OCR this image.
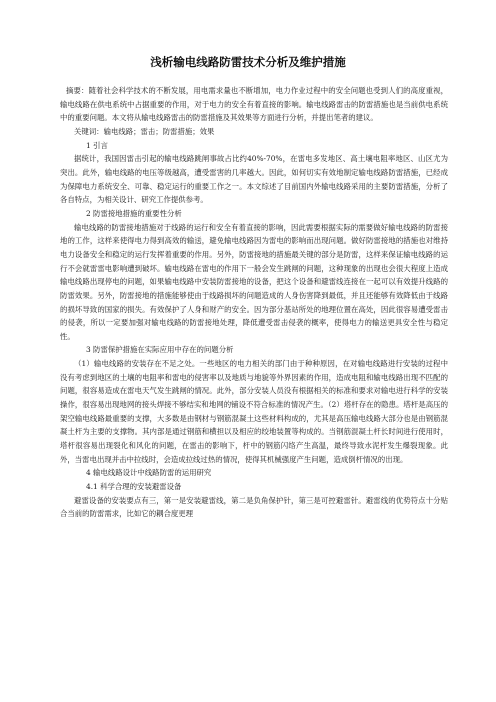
浅析输电线路防雷技术分析及维护措施

摘要：随着社会科学技术的不断发展，用电需求量也不断增加，电力作业过程中的安全问题也受到人们的高度重视，输电线路在供电系统中占据重要的作用，对于电力的安全有着直接的影响。输电线路雷击的防雷措施也是当前供电系统中的重要问题。本文将从输电线路雷击的防雷措施及其效果等方面进行分析，并提出笔者的建议。

关键词：输电线路；雷击；防雷措施；效果

1 引言

据统计，我国因雷击引起的输电线路跳闸事故占比约40%-70%，在雷电多发地区、高土壤电阻率地区、山区尤为突出。此外，输电线路的电压等级越高，遭受雷害的几率越大。因此，如何切实有效地制定输电线路防雷措施，已经成为保障电力系统安全、可靠、稳定运行的重要工作之一。本文综述了目前国内外输电线路采用的主要防雷措施，分析了各自特点，为相关设计、研究工作提供参考。

2 防雷接地措施的重要性分析

输电线路的防雷接地措施对于线路的运行和安全有着直接的影响，因此需要根据实际的需要做好输电线路的防雷接地的工作，这样来使得电力得到高效的输送，避免输电线路因为雷电的影响而出现问题。做好防雷接地的措施也对维持电力设备安全和稳定的运行发挥着重要的作用。另外，防雷接地的措施最关键的部分是防雷，这样来保证输电线路的运行不会就雷雷电影响遭到破坏。输电线路在雷电的作用下一般会发生跳闸的问题，这种现象的出现也会很大程度上造成输电线路出现停电的问题，如果输电线路中安装防雷接地的设备，把这个设备和避雷线连接在一起可以有效提升线路的防雷效果。另外，防雷接地的措施能够使由于线路损坏的问题造成的人身伤害降到最低，并且还能够有效降低由于线路的损坏导致的国家的损失。有效保护了人身和财产的安全。因为部分基站所处的地理位置在高处，因此很容易遭受雷击的侵袭，所以一定要加强对输电线路的防雷接地处理，降低遭受雷击侵袭的概率，使得电力的输送更具安全性与稳定性。

3 防雷保护措施在实际应用中存在的问题分析

（1）输电线路的安装存在不足之处。一些地区的电力相关的部门由于种种原因，在对输电线路进行安装的过程中没有考虑到地区的土壤的电阻率和雷电的侵害率以及地质与地貌等外界因素的作用，造成电阻和输电线路出现不匹配的问题，很容易造成在雷电天气发生跳闸的情况。此外，部分安装人员没有根据相关的标准和要求对输电进行科学的安装操作，很容易出现地网的接头焊接不够结实和地网的铺设不符合标准的情况产生。（2）塔杆存在的隐患。塔杆是高压的架空输电线路最重要的支撑，大多数是由钢材与钢筋混凝土这些材料构成的，尤其是高压输电线路大部分也是由钢筋混凝土杆为主要的支撑物。其内部是通过钢筋和横担以及相应的绞地装置等构成的。当钢筋混凝土杆长时间进行使用时，塔杆很容易出现裂化和风化的问题，在雷击的影响下，杆中的钢筋闪络产生高温，最终导致水泥杆发生爆裂现象。此外，当雷电出现并击中拉线时，会造成拉线过热的情况，使得其机械强度产生问题，造成倒杆情况的出现。

4 输电线路设计中线路防雷的运用研究

4.1 科学合理的安装避雷设备

避雷设备的安装要点有三，第一是安装避雷线，第二是负角保护针，第三是可控避雷针。避雷线的优势符点十分贴合当前的防雷需求，比如它的耦合度更理
